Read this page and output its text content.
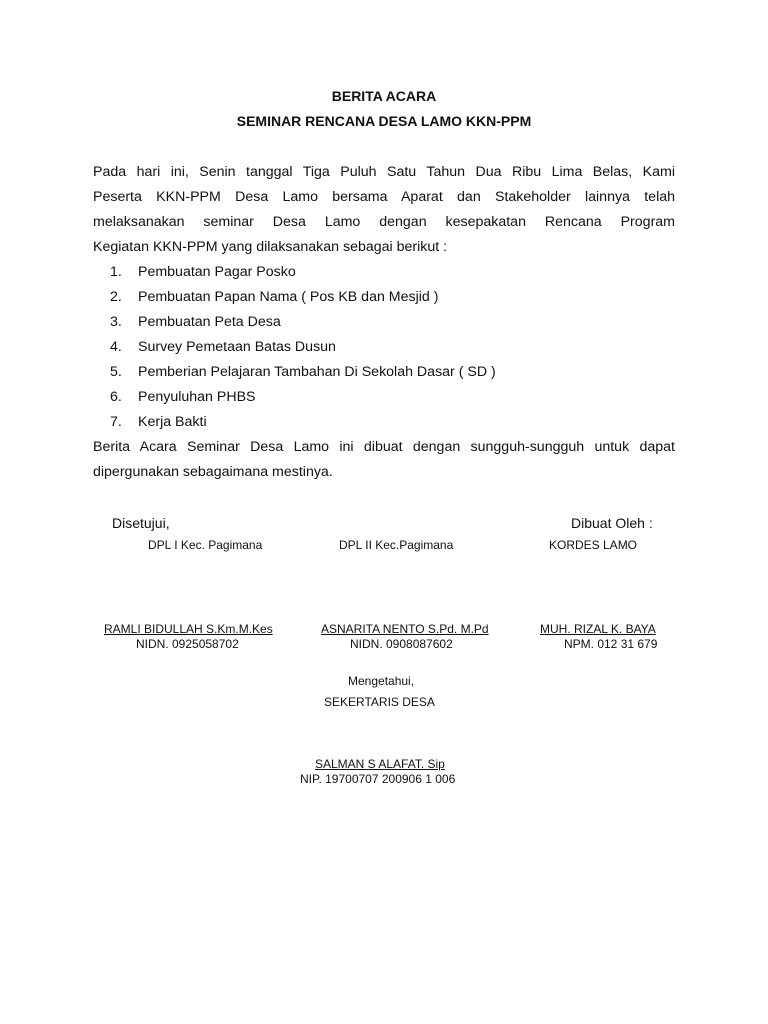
BERITA ACARA
SEMINAR RENCANA DESA LAMO KKN-PPM
Pada hari ini, Senin tanggal Tiga Puluh Satu Tahun Dua Ribu Lima Belas, Kami
Peserta KKN-PPM Desa Lamo bersama Aparat dan Stakeholder lainnya telah
melaksanakan seminar Desa Lamo dengan kesepakatan Rencana Program
Kegiatan KKN-PPM yang dilaksanakan sebagai berikut :
1. Pembuatan Pagar Posko
2. Pembuatan Papan Nama ( Pos KB dan Mesjid )
3. Pembuatan Peta Desa
4. Survey Pemetaan Batas Dusun
5. Pemberian Pelajaran Tambahan Di Sekolah Dasar ( SD )
6. Penyuluhan PHBS
7. Kerja Bakti
Berita Acara Seminar Desa Lamo ini dibuat dengan sungguh-sungguh untuk dapat
dipergunakan sebagaimana mestinya.
Disetujui,	Dibuat Oleh :
DPL I Kec. Pagimana	DPL II Kec.Pagimana	KORDES LAMO
RAMLI BIDULLAH S.Km.M.Kes
NIDN. 0925058702
ASNARITA NENTO S.Pd. M.Pd
NIDN. 0908087602
MUH. RIZAL K. BAYA
NPM. 012 31 679
Mengetahui,
SEKERTARIS DESA
SALMAN S ALAFAT. Sip
NIP. 19700707 200906 1 006
